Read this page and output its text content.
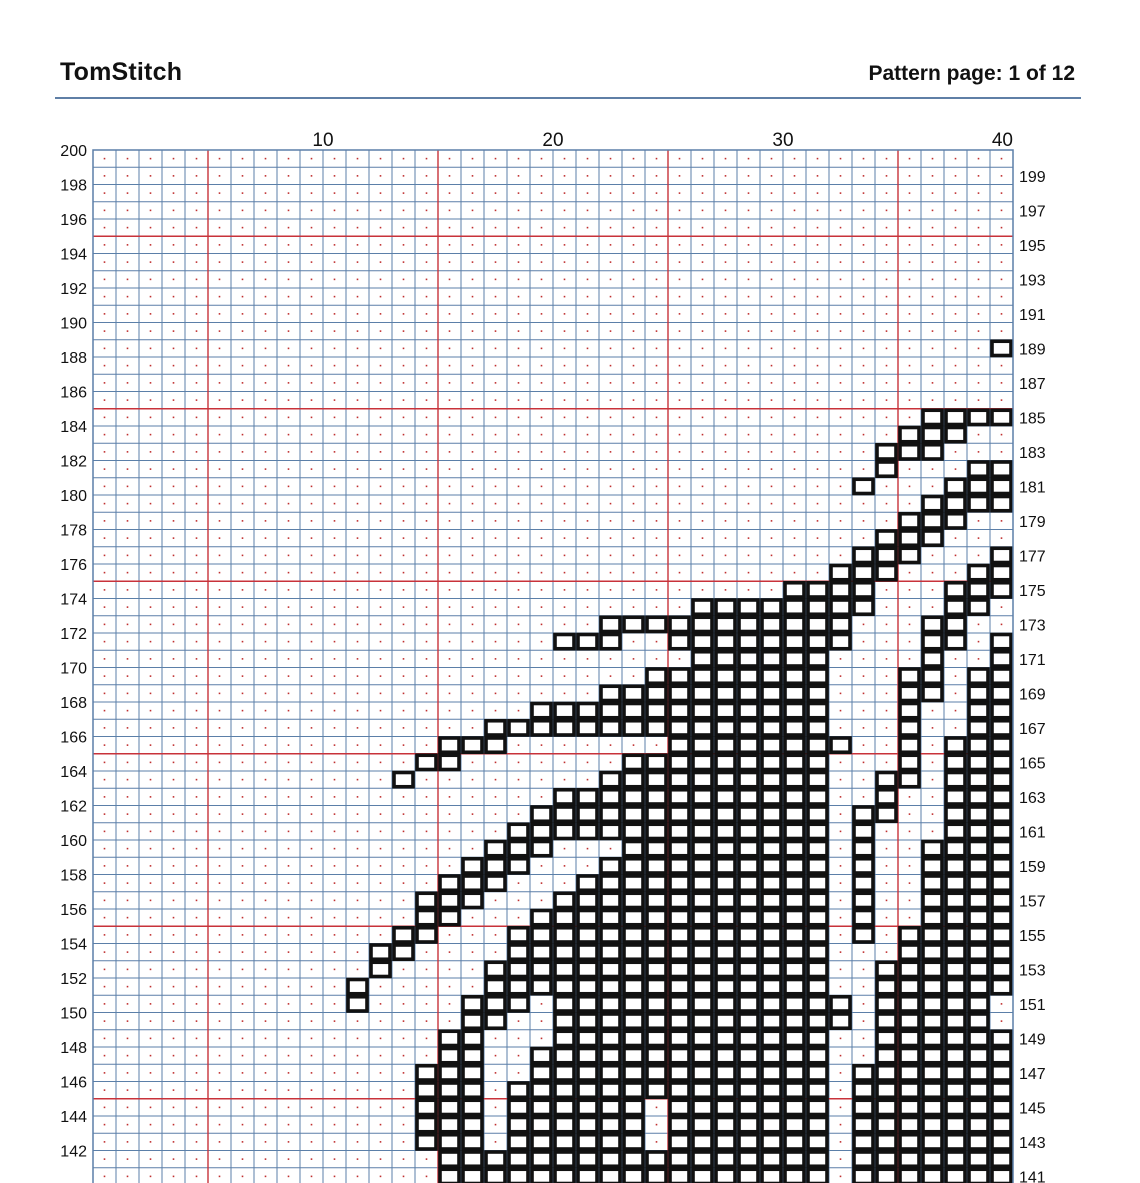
TomStitch	Pattern page: 1 of 12
10	20	30	40
200
198
196
194
192
190
188
186
184
182
180
178
176
174
172
170
168
166
164
162
160
158
156
154
152
150
148
146
144
142
199
197
195
193
191
189
187
185
183
181
179
177
175
173
171
169
167
165
163
161
159
157
155
153
151
149
147
145
143
141
